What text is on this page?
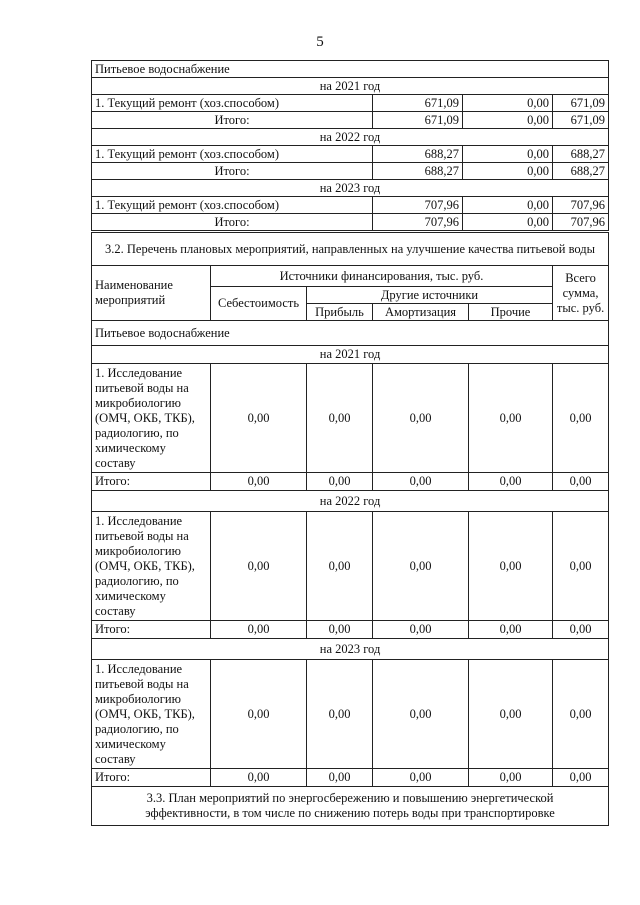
5
Питьевое водоснабжение			
на 2021 год			
1. Текущий ремонт (хоз.способом)	671,09	0,00	671,09
Итого:	671,09	0,00	671,09
на 2022 год			
1. Текущий ремонт (хоз.способом)	688,27	0,00	688,27
Итого:	688,27	0,00	688,27
на 2023 год			
1. Текущий ремонт (хоз.способом)	707,96	0,00	707,96
Итого:	707,96	0,00	707,96
3.2. Перечень плановых мероприятий, направленных на улучшение качества питьевой воды					
Наименование мероприятий	Источники финансирования, тыс. руб.				Всего сумма, тыс. руб.
	Себестоимость	Другие источники			
		Прибыль	Амортизация	Прочие	
Питьевое водоснабжение					
на 2021 год					
1. Исследование питьевой воды на микробиологию (ОМЧ, ОКБ, ТКБ), радиологию, по химическому составу	0,00	0,00	0,00	0,00	0,00
Итого:	0,00	0,00	0,00	0,00	0,00
на 2022 год					
1. Исследование питьевой воды на микробиологию (ОМЧ, ОКБ, ТКБ), радиологию, по химическому составу	0,00	0,00	0,00	0,00	0,00
Итого:	0,00	0,00	0,00	0,00	0,00
на 2023 год					
1. Исследование питьевой воды на микробиологию (ОМЧ, ОКБ, ТКБ), радиологию, по химическому составу	0,00	0,00	0,00	0,00	0,00
Итого:	0,00	0,00	0,00	0,00	0,00
3.3. План мероприятий по энергосбережению и повышению энергетической эффективности, в том числе по снижению потерь воды при транспортировке					
